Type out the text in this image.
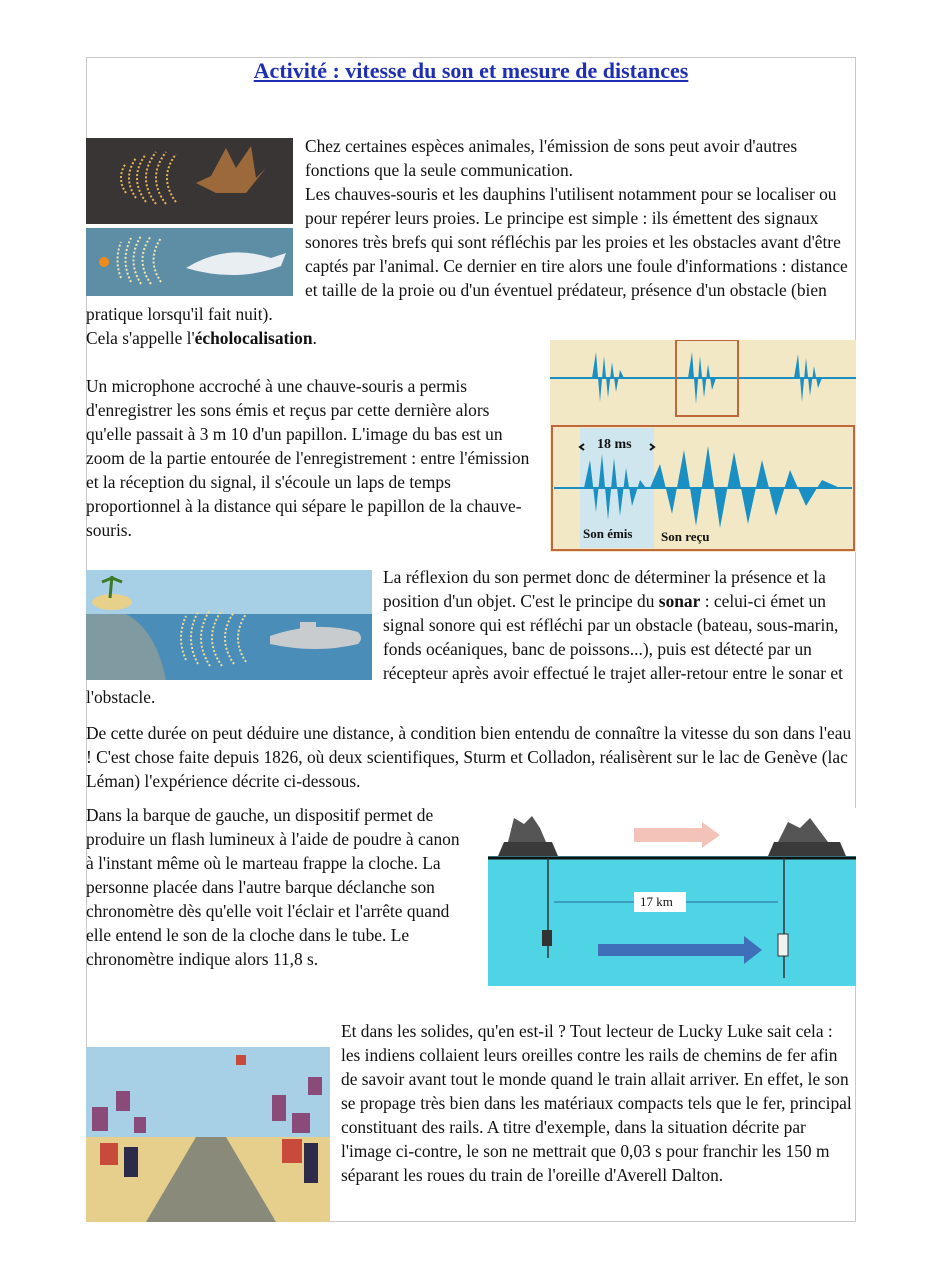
Activité : vitesse du son et mesure de distances
Chez certaines espèces animales, l'émission de sons peut avoir d'autres fonctions que la seule communication.
Les chauves-souris et les dauphins l'utilisent notamment pour se localiser ou pour repérer leurs proies. Le principe est simple : ils émettent des signaux sonores très brefs qui sont réfléchis par les proies et les obstacles avant d'être captés par l'animal. Ce dernier en tire alors une foule d'informations : distance et taille de la proie ou d'un éventuel prédateur, présence d'un obstacle (bien pratique lorsqu'il fait nuit).
Cela s'appelle l'écholocalisation.
18 ms
Son émis Son reçu
Un microphone accroché à une chauve-souris a permis d'enregistrer les sons émis et reçus par cette dernière alors qu'elle passait à 3 m 10 d'un papillon. L'image du bas est un zoom de la partie entourée de l'enregistrement : entre l'émission et la réception du signal, il s'écoule un laps de temps proportionnel à la distance qui sépare le papillon de la chauve-souris.
La réflexion du son permet donc de déterminer la présence et la position d'un objet. C'est le principe du sonar : celui-ci émet un signal sonore qui est réfléchi par un obstacle (bateau, sous-marin, fonds océaniques, banc de poissons...), puis est détecté par un récepteur après avoir effectué le trajet aller-retour entre le sonar et l'obstacle.
De cette durée on peut déduire une distance, à condition bien entendu de connaître la vitesse du son dans l'eau ! C'est chose faite depuis 1826, où deux scientifiques, Sturm et Colladon, réalisèrent sur le lac de Genève (lac Léman) l'expérience décrite ci-dessous.
17 km
Dans la barque de gauche, un dispositif permet de produire un flash lumineux à l'aide de poudre à canon à l'instant même où le marteau frappe la cloche. La personne placée dans l'autre barque déclanche son chronomètre dès qu'elle voit l'éclair et l'arrête quand elle entend le son de la cloche dans le tube. Le chronomètre indique alors 11,8 s.
Et dans les solides, qu'en est-il ? Tout lecteur de Lucky Luke sait cela : les indiens collaient leurs oreilles contre les rails de chemins de fer afin de savoir avant tout le monde quand le train allait arriver. En effet, le son se propage très bien dans les matériaux compacts tels que le fer, principal constituant des rails. A titre d'exemple, dans la situation décrite par l'image ci-contre, le son ne mettrait que 0,03 s pour franchir les 150 m séparant les roues du train de l'oreille d'Averell Dalton.
